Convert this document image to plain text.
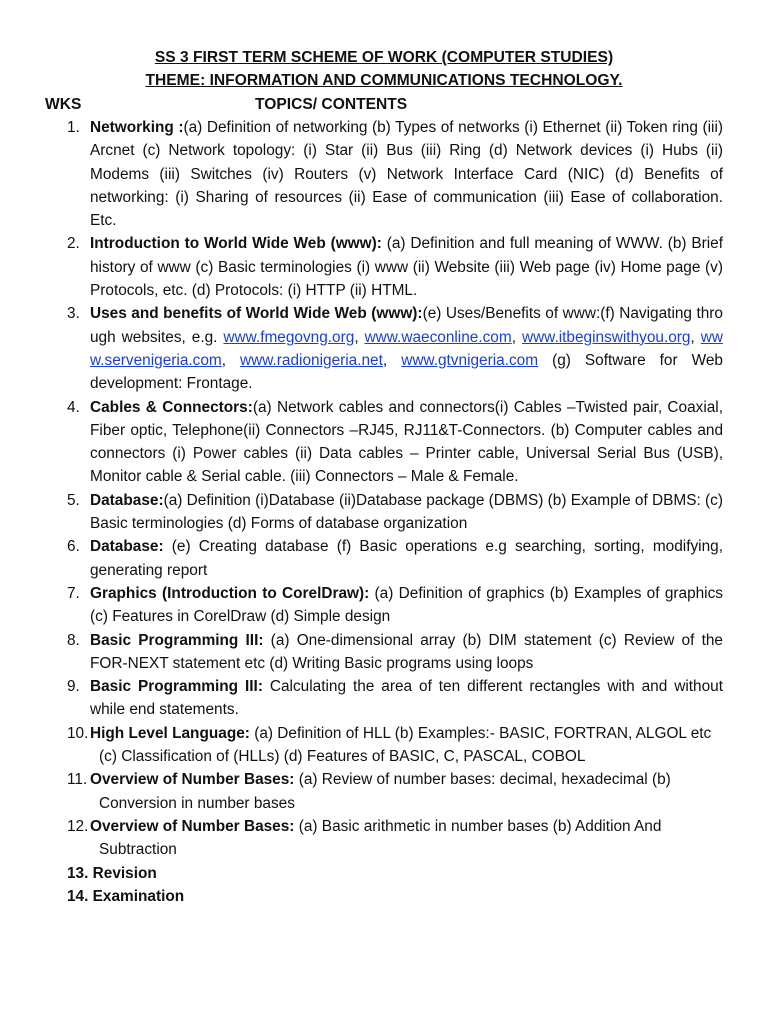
SS 3 FIRST TERM SCHEME OF WORK (COMPUTER STUDIES)
THEME: INFORMATION AND COMMUNICATIONS TECHNOLOGY.
WKS	TOPICS/ CONTENTS
1. Networking :(a) Definition of networking (b) Types of networks (i) Ethernet (ii) Token ring (iii) Arcnet (c) Network topology: (i) Star (ii) Bus (iii) Ring (d) Network devices (i) Hubs (ii) Modems (iii) Switches (iv) Routers (v) Network Interface Card (NIC) (d) Benefits of networking: (i) Sharing of resources (ii) Ease of communication (iii) Ease of collaboration. Etc.
2. Introduction to World Wide Web (www): (a) Definition and full meaning of WWW. (b) Brief history of www (c) Basic terminologies (i) www (ii) Website (iii) Web page (iv) Home page (v) Protocols, etc. (d) Protocols: (i) HTTP (ii) HTML.
3. Uses and benefits of World Wide Web (www):(e) Uses/Benefits of www:(f) Navigating through websites, e.g. www.fmegovng.org, www.waeconline.com, www.itbeginswithyou.org, www.servenigeria.com, www.radionigeria.net, www.gtvnigeria.com (g) Software for Web development: Frontage.
4. Cables & Connectors:(a) Network cables and connectors(i) Cables –Twisted pair, Coaxial, Fiber optic, Telephone(ii) Connectors –RJ45, RJ11&T-Connectors. (b) Computer cables and connectors (i) Power cables (ii) Data cables – Printer cable, Universal Serial Bus (USB), Monitor cable & Serial cable. (iii) Connectors – Male & Female.
5. Database:(a) Definition (i)Database (ii)Database package (DBMS) (b) Example of DBMS: (c) Basic terminologies (d) Forms of database organization
6. Database: (e) Creating database (f) Basic operations e.g searching, sorting, modifying, generating report
7. Graphics (Introduction to CorelDraw): (a) Definition of graphics (b) Examples of graphics (c) Features in CorelDraw (d) Simple design
8. Basic Programming III: (a) One-dimensional array (b) DIM statement (c) Review of the FOR-NEXT statement etc (d) Writing Basic programs using loops
9. Basic Programming III: Calculating the area of ten different rectangles with and without while end statements.
10. High Level Language: (a) Definition of HLL (b) Examples:- BASIC, FORTRAN, ALGOL etc (c) Classification of (HLLs) (d) Features of BASIC, C, PASCAL, COBOL
11. Overview of Number Bases: (a) Review of number bases: decimal, hexadecimal (b) Conversion in number bases
12. Overview of Number Bases: (a) Basic arithmetic in number bases (b) Addition And Subtraction
13. Revision
14. Examination
